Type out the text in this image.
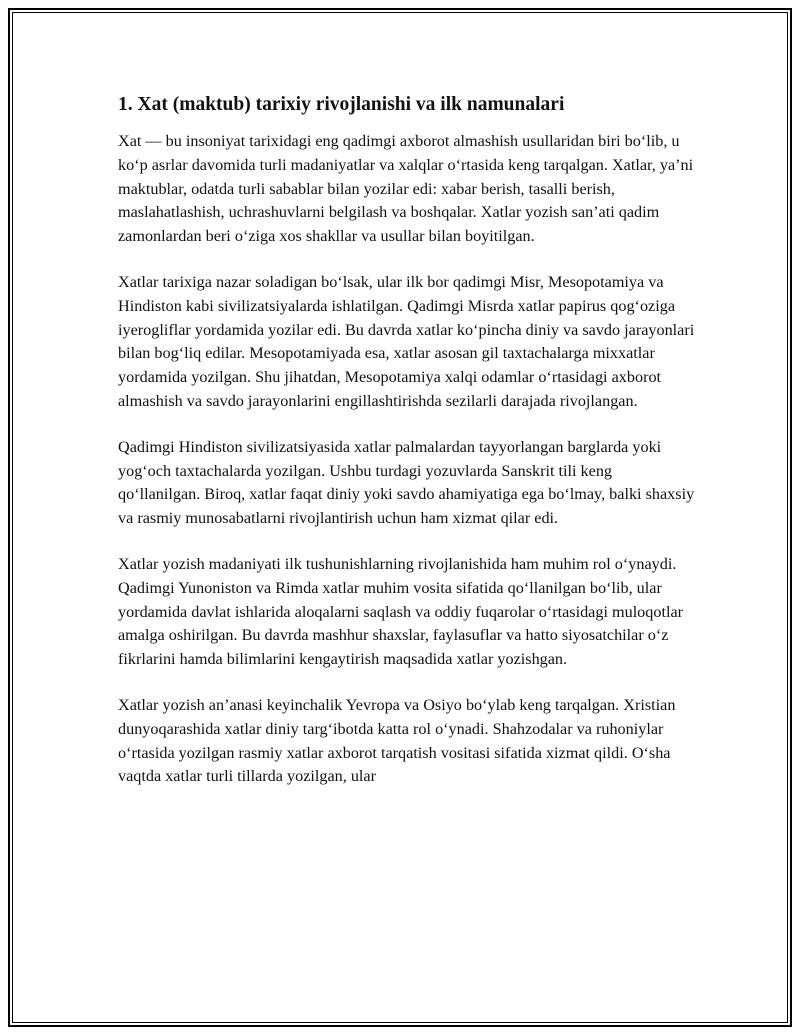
1. Xat (maktub) tarixiy rivojlanishi va ilk namunalari

Xat — bu insoniyat tarixidagi eng qadimgi axborot almashish usullaridan biri bo‘lib, u ko‘p asrlar davomida turli madaniyatlar va xalqlar o‘rtasida keng tarqalgan. Xatlar, ya’ni maktublar, odatda turli sabablar bilan yozilar edi: xabar berish, tasalli berish, maslahatlashish, uchrashuvlarni belgilash va boshqalar. Xatlar yozish san’ati qadim zamonlardan beri o‘ziga xos shakllar va usullar bilan boyitilgan.

Xatlar tarixiga nazar soladigan bo‘lsak, ular ilk bor qadimgi Misr, Mesopotamiya va Hindiston kabi sivilizatsiyalarda ishlatilgan. Qadimgi Misrda xatlar papirus qog‘oziga iyerogliflar yordamida yozilar edi. Bu davrda xatlar ko‘pincha diniy va savdo jarayonlari bilan bog‘liq edilar. Mesopotamiyada esa, xatlar asosan gil taxtachalarga mixxatlar yordamida yozilgan. Shu jihatdan, Mesopotamiya xalqi odamlar o‘rtasidagi axborot almashish va savdo jarayonlarini engillashtirishda sezilarli darajada rivojlangan.

Qadimgi Hindiston sivilizatsiyasida xatlar palmalardan tayyorlangan barglarda yoki yog‘och taxtachalarda yozilgan. Ushbu turdagi yozuvlarda Sanskrit tili keng qo‘llanilgan. Biroq, xatlar faqat diniy yoki savdo ahamiyatiga ega bo‘lmay, balki shaxsiy va rasmiy munosabatlarni rivojlantirish uchun ham xizmat qilar edi.

Xatlar yozish madaniyati ilk tushunishlarning rivojlanishida ham muhim rol o‘ynaydi. Qadimgi Yunoniston va Rimda xatlar muhim vosita sifatida qo‘llanilgan bo‘lib, ular yordamida davlat ishlarida aloqalarni saqlash va oddiy fuqarolar o‘rtasidagi muloqotlar amalga oshirilgan. Bu davrda mashhur shaxslar, faylasuflar va hatto siyosatchilar o‘z fikrlarini hamda bilimlarini kengaytirish maqsadida xatlar yozishgan.

Xatlar yozish an’anasi keyinchalik Yevropa va Osiyo bo‘ylab keng tarqalgan. Xristian dunyoqarashida xatlar diniy targ‘ibotda katta rol o‘ynadi. Shahzodalar va ruhoniylar o‘rtasida yozilgan rasmiy xatlar axborot tarqatish vositasi sifatida xizmat qildi. O‘sha vaqtda xatlar turli tillarda yozilgan, ular
